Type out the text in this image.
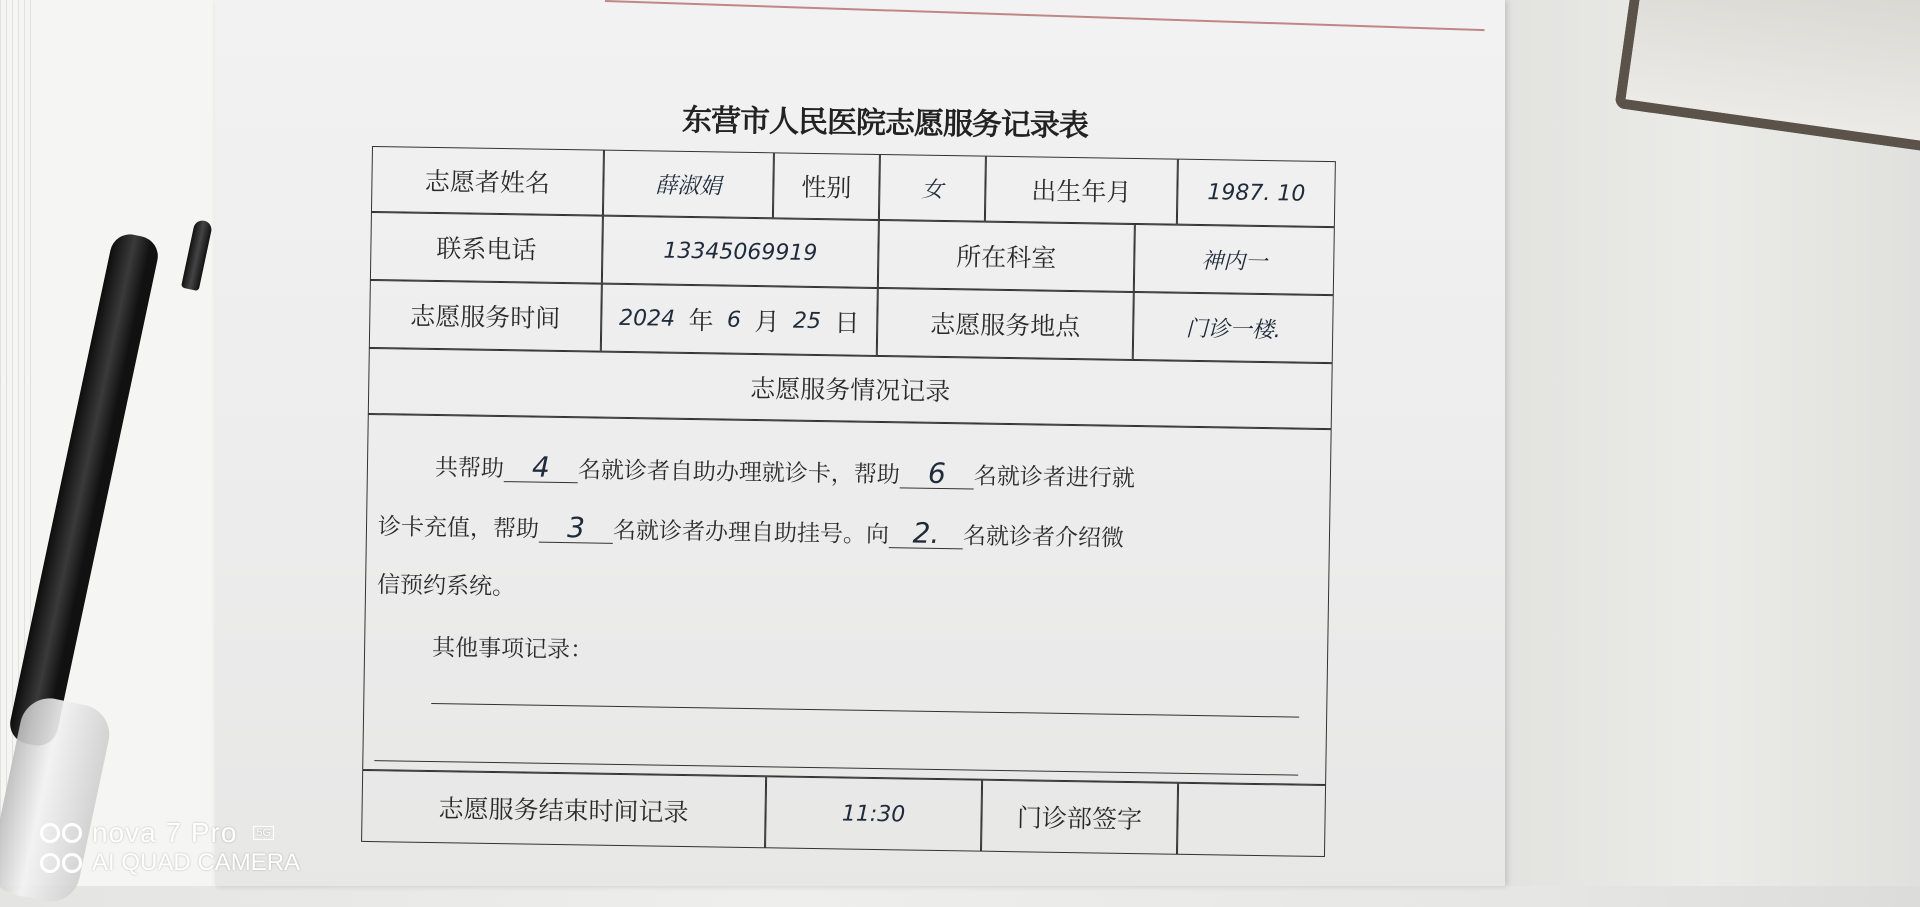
东营市人民医院志愿服务记录表
志愿者姓名	薛淑娟	性别	女	出生年月	1987. 10
联系电话	13345069919	所在科室	神内一
志愿服务时间	2024 年 6 月 25 日	志愿服务地点	门诊一楼.
志愿服务情况记录
共帮助 4 名就诊者自助办理就诊卡，帮助 6 名就诊者进行就
诊卡充值，帮助 3 名就诊者办理自助挂号。向 2. 名就诊者介绍微
信预约系统。
其他事项记录：
志愿服务结束时间记录	11:30	门诊部签字
nova 7 Pro 5G
AI QUAD CAMERA
